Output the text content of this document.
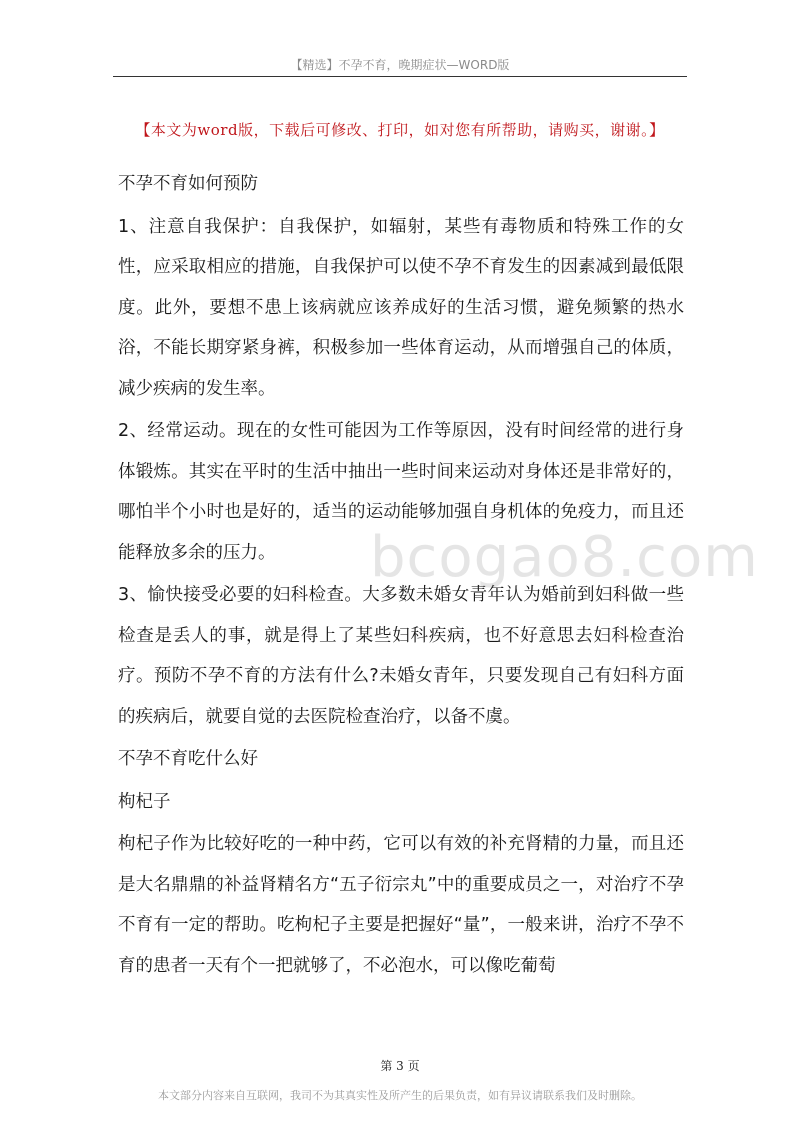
【精选】不孕不育，晚期症状—WORD版
【本文为word版，下载后可修改、打印，如对您有所帮助，请购买，谢谢。】

不孕不育如何预防

1、注意自我保护：自我保护，如辐射，某些有毒物质和特殊工作的女性，应采取相应的措施，自我保护可以使不孕不育发生的因素减到最低限度。此外，要想不患上该病就应该养成好的生活习惯，避免频繁的热水浴，不能长期穿紧身裤，积极参加一些体育运动，从而增强自己的体质，减少疾病的发生率。

2、经常运动。现在的女性可能因为工作等原因，没有时间经常的进行身体锻炼。其实在平时的生活中抽出一些时间来运动对身体还是非常好的，哪怕半个小时也是好的，适当的运动能够加强自身机体的免疫力，而且还能释放多余的压力。

3、愉快接受必要的妇科检查。大多数未婚女青年认为婚前到妇科做一些检查是丢人的事，就是得上了某些妇科疾病，也不好意思去妇科检查治疗。预防不孕不育的方法有什么?未婚女青年，只要发现自己有妇科方面的疾病后，就要自觉的去医院检查治疗，以备不虞。

不孕不育吃什么好

枸杞子

枸杞子作为比较好吃的一种中药，它可以有效的补充肾精的力量，而且还是大名鼎鼎的补益肾精名方“五子衍宗丸”中的重要成员之一，对治疗不孕不育有一定的帮助。吃枸杞子主要是把握好“量”，一般来讲，治疗不孕不育的患者一天有个一把就够了，不必泡水，可以像吃葡萄

bcogao8.com
第 3 页
本文部分内容来自互联网，我司不为其真实性及所产生的后果负责，如有异议请联系我们及时删除。
